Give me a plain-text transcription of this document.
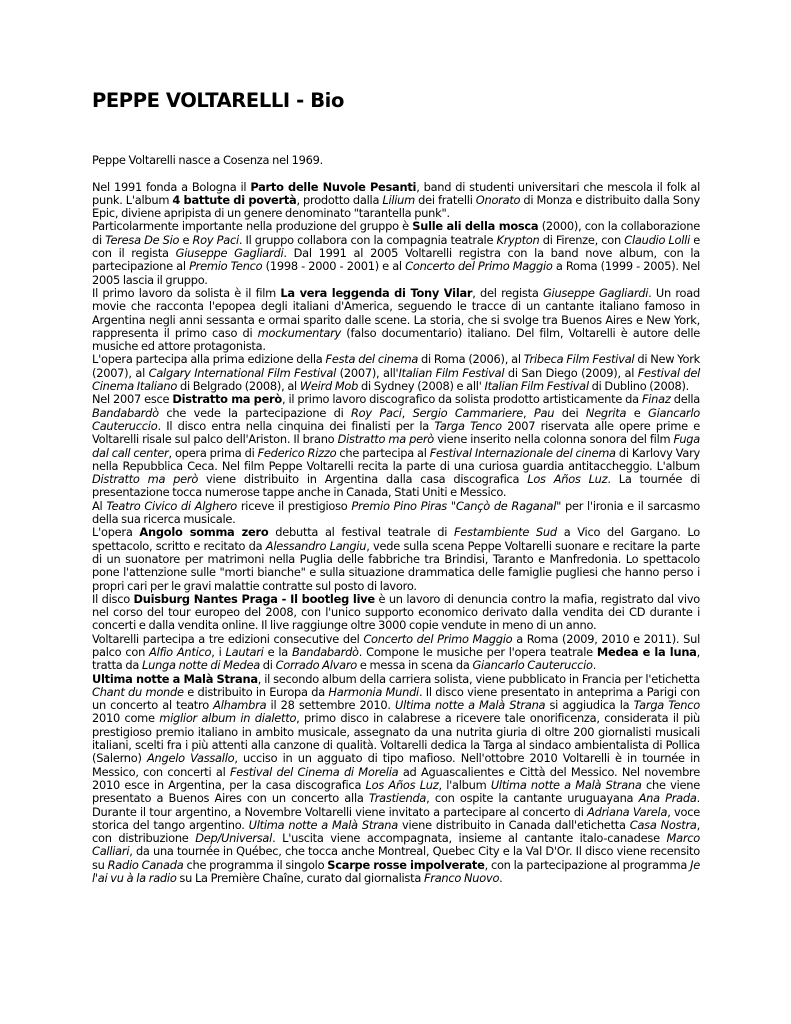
PEPPE VOLTARELLI - Bio

Peppe Voltarelli nasce a Cosenza nel 1969.

Nel 1991 fonda a Bologna il Parto delle Nuvole Pesanti, band di studenti universitari che mescola il folk al punk. L'album 4 battute di povertà, prodotto dalla Lilium dei fratelli Onorato di Monza e distribuito dalla Sony Epic, diviene apripista di un genere denominato "tarantella punk".

Particolarmente importante nella produzione del gruppo è Sulle ali della mosca (2000), con la collaborazione di Teresa De Sio e Roy Paci. Il gruppo collabora con la compagnia teatrale Krypton di Firenze, con Claudio Lolli e con il regista Giuseppe Gagliardi. Dal 1991 al 2005 Voltarelli registra con la band nove album, con la partecipazione al Premio Tenco (1998 - 2000 - 2001) e al Concerto del Primo Maggio a Roma (1999 - 2005). Nel 2005 lascia il gruppo.

Il primo lavoro da solista è il film La vera leggenda di Tony Vilar, del regista Giuseppe Gagliardi. Un road movie che racconta l'epopea degli italiani d'America, seguendo le tracce di un cantante italiano famoso in Argentina negli anni sessanta e ormai sparito dalle scene. La storia, che si svolge tra Buenos Aires e New York, rappresenta il primo caso di mockumentary (falso documentario) italiano. Del film, Voltarelli è autore delle musiche ed attore protagonista.

L'opera partecipa alla prima edizione della Festa del cinema di Roma (2006), al Tribeca Film Festival di New York (2007), al Calgary International Film Festival (2007), all'Italian Film Festival di San Diego (2009), al Festival del Cinema Italiano di Belgrado (2008), al Weird Mob di Sydney (2008) e all' Italian Film Festival di Dublino (2008).

Nel 2007 esce Distratto ma però, il primo lavoro discografico da solista prodotto artisticamente da Finaz della Bandabardò che vede la partecipazione di Roy Paci, Sergio Cammariere, Pau dei Negrita e Giancarlo Cauteruccio. Il disco entra nella cinquina dei finalisti per la Targa Tenco 2007 riservata alle opere prime e Voltarelli risale sul palco dell'Ariston. Il brano Distratto ma però viene inserito nella colonna sonora del film Fuga dal call center, opera prima di Federico Rizzo che partecipa al Festival Internazionale del cinema di Karlovy Vary nella Repubblica Ceca. Nel film Peppe Voltarelli recita la parte di una curiosa guardia antitaccheggio. L'album Distratto ma però viene distribuito in Argentina dalla casa discografica Los Años Luz. La tournée di presentazione tocca numerose tappe anche in Canada, Stati Uniti e Messico.

Al Teatro Civico di Alghero riceve il prestigioso Premio Pino Piras "Cançò de Raganal" per l'ironia e il sarcasmo della sua ricerca musicale.

L'opera Angolo somma zero debutta al festival teatrale di Festambiente Sud a Vico del Gargano. Lo spettacolo, scritto e recitato da Alessandro Langiu, vede sulla scena Peppe Voltarelli suonare e recitare la parte di un suonatore per matrimoni nella Puglia delle fabbriche tra Brindisi, Taranto e Manfredonia. Lo spettacolo pone l'attenzione sulle "morti bianche" e sulla situazione drammatica delle famiglie pugliesi che hanno perso i propri cari per le gravi malattie contratte sul posto di lavoro.

Il disco Duisburg Nantes Praga - Il bootleg live è un lavoro di denuncia contro la mafia, registrato dal vivo nel corso del tour europeo del 2008, con l'unico supporto economico derivato dalla vendita dei CD durante i concerti e dalla vendita online. Il live raggiunge oltre 3000 copie vendute in meno di un anno.

Voltarelli partecipa a tre edizioni consecutive del Concerto del Primo Maggio a Roma (2009, 2010 e 2011). Sul palco con Alfio Antico, i Lautari e la Bandabardò. Compone le musiche per l'opera teatrale Medea e la luna, tratta da Lunga notte di Medea di Corrado Alvaro e messa in scena da Giancarlo Cauteruccio.

Ultima notte a Malà Strana, il secondo album della carriera solista, viene pubblicato in Francia per l'etichetta Chant du monde e distribuito in Europa da Harmonia Mundi. Il disco viene presentato in anteprima a Parigi con un concerto al teatro Alhambra il 28 settembre 2010. Ultima notte a Malà Strana si aggiudica la Targa Tenco 2010 come miglior album in dialetto, primo disco in calabrese a ricevere tale onorificenza, considerata il più prestigioso premio italiano in ambito musicale, assegnato da una nutrita giuria di oltre 200 giornalisti musicali italiani, scelti fra i più attenti alla canzone di qualità. Voltarelli dedica la Targa al sindaco ambientalista di Pollica (Salerno) Angelo Vassallo, ucciso in un agguato di tipo mafioso. Nell'ottobre 2010 Voltarelli è in tournée in Messico, con concerti al Festival del Cinema di Morelia ad Aguascalientes e Città del Messico. Nel novembre 2010 esce in Argentina, per la casa discografica Los Años Luz, l'album Ultima notte a Malà Strana che viene presentato a Buenos Aires con un concerto alla Trastienda, con ospite la cantante uruguayana Ana Prada. Durante il tour argentino, a Novembre Voltarelli viene invitato a partecipare al concerto di Adriana Varela, voce storica del tango argentino. Ultima notte a Malà Strana viene distribuito in Canada dall'etichetta Casa Nostra, con distribuzione Dep/Universal. L'uscita viene accompagnata, insieme al cantante italo-canadese Marco Calliari, da una tournée in Québec, che tocca anche Montreal, Quebec City e la Val D'Or. Il disco viene recensito su Radio Canada che programma il singolo Scarpe rosse impolverate, con la partecipazione al programma Je l'ai vu à la radio su La Première Chaîne, curato dal giornalista Franco Nuovo.
